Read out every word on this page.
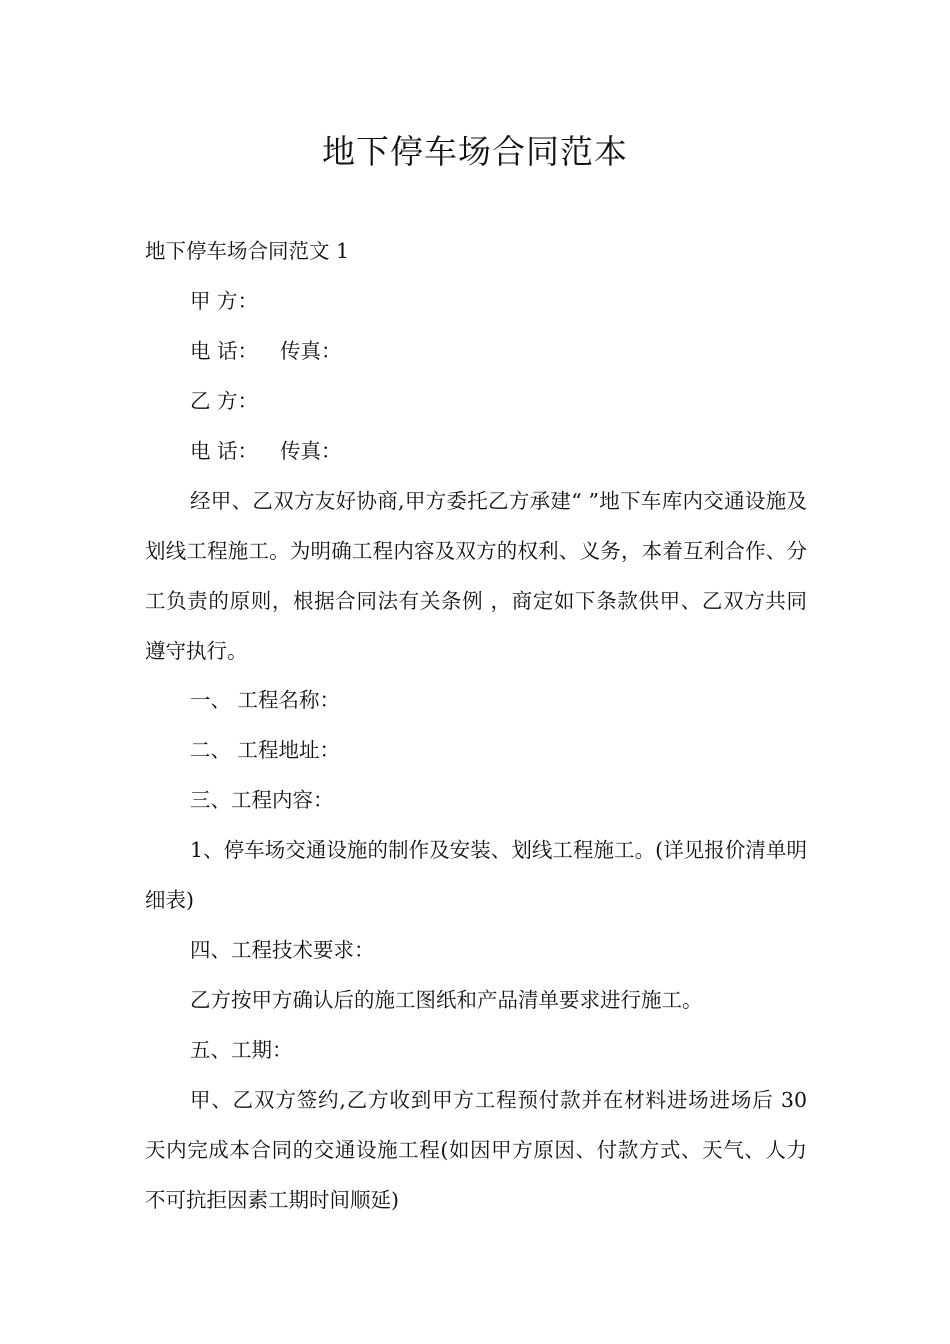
地下停车场合同范本
地下停车场合同范文 1
甲 方：
电 话： 传真：
乙 方：
电 话： 传真：
经甲、乙双方友好协商,甲方委托乙方承建“ ”地下车库内交通设施及划线工程施工。为明确工程内容及双方的权利、义务，本着互利合作、分工负责的原则，根据合同法有关条例 ，商定如下条款供甲、乙双方共同遵守执行。
一、 工程名称：
二、 工程地址：
三、工程内容：
1、停车场交通设施的制作及安装、划线工程施工。(详见报价清单明细表)
四、工程技术要求：
乙方按甲方确认后的施工图纸和产品清单要求进行施工。
五、工期：
甲、乙双方签约,乙方收到甲方工程预付款并在材料进场进场后 30 天内完成本合同的交通设施工程(如因甲方原因、付款方式、天气、人力不可抗拒因素工期时间顺延)
